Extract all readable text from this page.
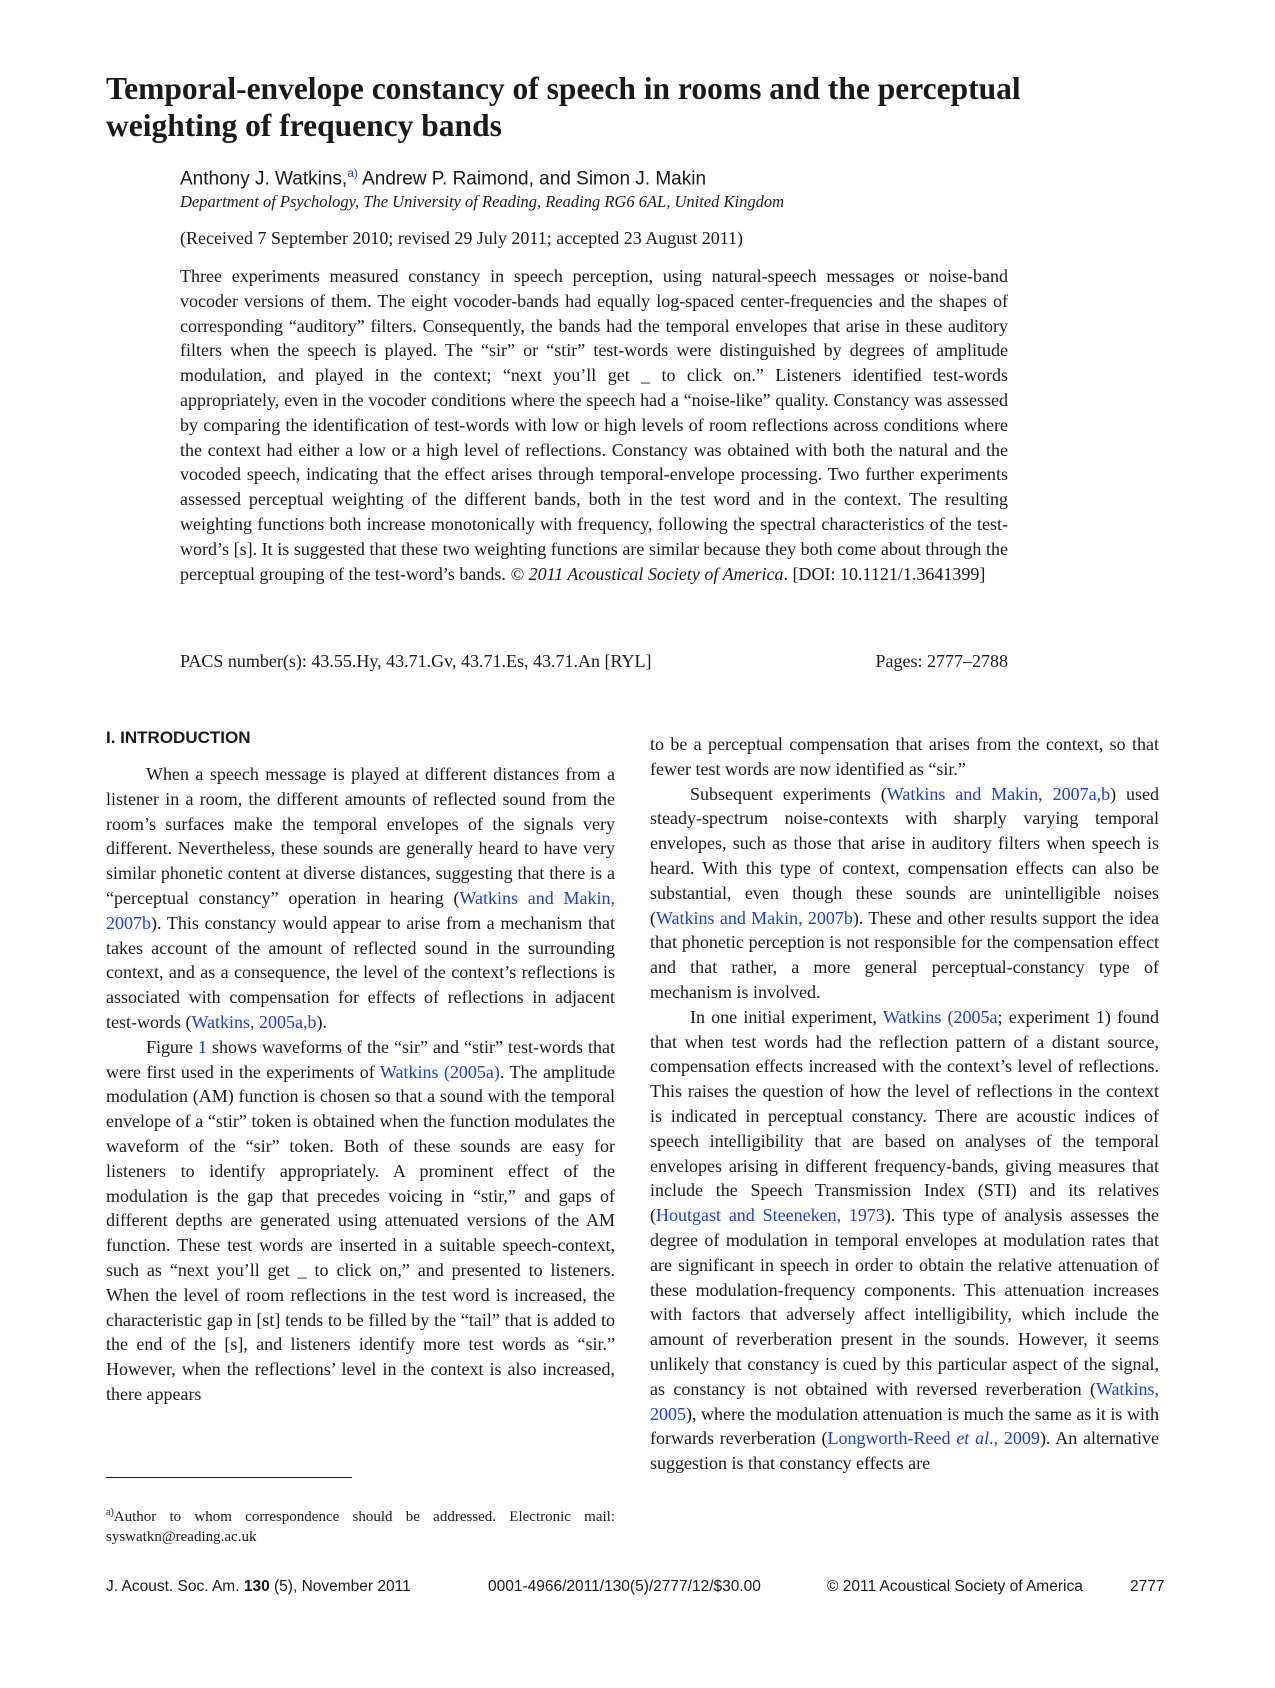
Temporal-envelope constancy of speech in rooms and the perceptual weighting of frequency bands
Anthony J. Watkins,$^{a)}$ Andrew P. Raimond, and Simon J. Makin
Department of Psychology, The University of Reading, Reading RG6 6AL, United Kingdom
(Received 7 September 2010; revised 29 July 2011; accepted 23 August 2011)

Three experiments measured constancy in speech perception, using natural-speech messages or noise-band vocoder versions of them. The eight vocoder-bands had equally log-spaced center-frequencies and the shapes of corresponding “auditory” filters. Consequently, the bands had the temporal envelopes that arise in these auditory filters when the speech is played. The “sir” or “stir” test-words were distinguished by degrees of amplitude modulation, and played in the context; “next you’ll get _ to click on.” Listeners identified test-words appropriately, even in the vocoder conditions where the speech had a “noise-like” quality. Constancy was assessed by comparing the identification of test-words with low or high levels of room reflections across conditions where the context had either a low or a high level of reflections. Constancy was obtained with both the natural and the vocoded speech, indicating that the effect arises through temporal-envelope processing. Two further experiments assessed perceptual weighting of the different bands, both in the test word and in the context. The resulting weighting functions both increase monotonically with frequency, following the spectral characteristics of the test-word’s [s]. It is suggested that these two weighting functions are similar because they both come about through the perceptual grouping of the test-word’s bands. © 2011 Acoustical Society of America. [DOI: 10.1121/1.3641399]

PACS number(s): 43.55.Hy, 43.71.Gv, 43.71.Es, 43.71.An [RYL]	Pages: 2777–2788
I. INTRODUCTION

When a speech message is played at different distances from a listener in a room, the different amounts of reflected sound from the room’s surfaces make the temporal envelopes of the signals very different. Nevertheless, these sounds are generally heard to have very similar phonetic content at diverse distances, suggesting that there is a “perceptual constancy” operation in hearing (Watkins and Makin, 2007b). This constancy would appear to arise from a mechanism that takes account of the amount of reflected sound in the surrounding context, and as a consequence, the level of the context’s reflections is associated with compensation for effects of reflections in adjacent test-words (Watkins, 2005a,b).

Figure 1 shows waveforms of the “sir” and “stir” test-words that were first used in the experiments of Watkins (2005a). The amplitude modulation (AM) function is chosen so that a sound with the temporal envelope of a “stir” token is obtained when the function modulates the waveform of the “sir” token. Both of these sounds are easy for listeners to identify appropriately. A prominent effect of the modulation is the gap that precedes voicing in “stir,” and gaps of different depths are generated using attenuated versions of the AM function. These test words are inserted in a suitable speech-context, such as “next you’ll get _ to click on,” and presented to listeners. When the level of room reflections in the test word is increased, the characteristic gap in [st] tends to be filled by the “tail” that is added to the end of the [s], and listeners identify more test words as “sir.” However, when the reflections’ level in the context is also increased, there appears

to be a perceptual compensation that arises from the context, so that fewer test words are now identified as “sir.”

Subsequent experiments (Watkins and Makin, 2007a,b) used steady-spectrum noise-contexts with sharply varying temporal envelopes, such as those that arise in auditory filters when speech is heard. With this type of context, compensation effects can also be substantial, even though these sounds are unintelligible noises (Watkins and Makin, 2007b). These and other results support the idea that phonetic perception is not responsible for the compensation effect and that rather, a more general perceptual-constancy type of mechanism is involved.

In one initial experiment, Watkins (2005a; experiment 1) found that when test words had the reflection pattern of a distant source, compensation effects increased with the context’s level of reflections. This raises the question of how the level of reflections in the context is indicated in perceptual constancy. There are acoustic indices of speech intelligibility that are based on analyses of the temporal envelopes arising in different frequency-bands, giving measures that include the Speech Transmission Index (STI) and its relatives (Houtgast and Steeneken, 1973). This type of analysis assesses the degree of modulation in temporal envelopes at modulation rates that are significant in speech in order to obtain the relative attenuation of these modulation-frequency components. This attenuation increases with factors that adversely affect intelligibility, which include the amount of reverberation present in the sounds. However, it seems unlikely that constancy is cued by this particular aspect of the signal, as constancy is not obtained with reversed reverberation (Watkins, 2005), where the modulation attenuation is much the same as it is with forwards reverberation (Longworth-Reed et al., 2009). An alternative suggestion is that constancy effects are

$^{a)}$Author to whom correspondence should be addressed. Electronic mail: syswatkn@reading.ac.uk
J. Acoust. Soc. Am. 130 (5), November 2011	0001-4966/2011/130(5)/2777/12/$30.00	© 2011 Acoustical Society of America	2777
